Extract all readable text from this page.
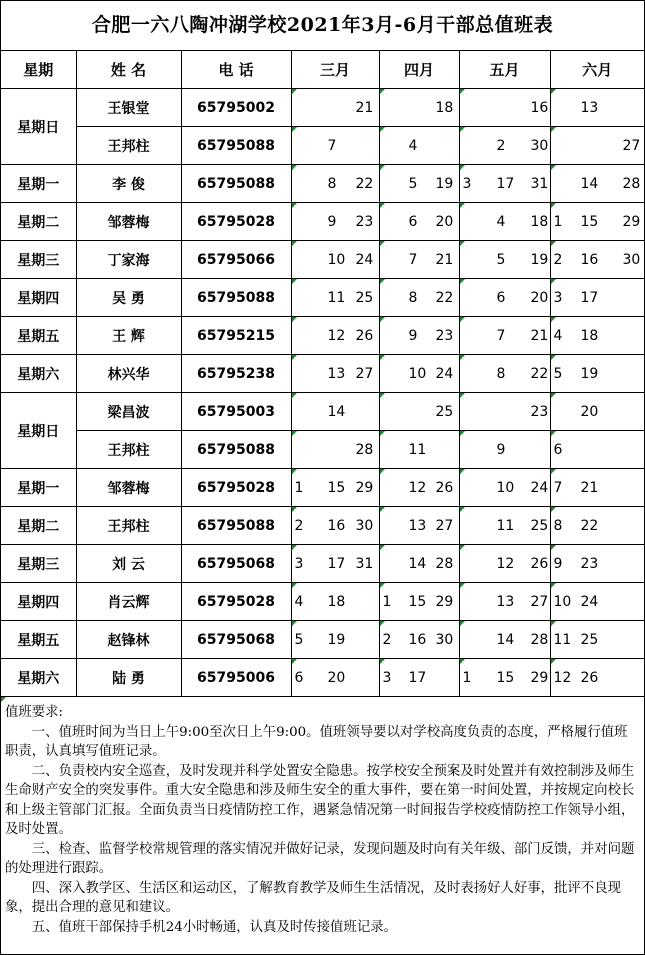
合肥一六八陶冲湖学校2021年3月-6月干部总值班表
星期	姓 名	电 话	三月	四月	五月	六月
星期日	王银堂	65795002	21	18	16	13

	王邦柱	65795088	7	4	2 30	27

星期一	李 俊	65795088	8 22	5 19	3 17 31	14 28

星期二	邹蓉梅	65795028	9 23	6 20	4 18	1 15 29

星期三	丁家海	65795066	10 24	7 21	5 19	2 16 30

星期四	吴 勇	65795088	11 25	8 22	6 20	3 17

星期五	王 辉	65795215	12 26	9 23	7 21	4 18

星期六	林兴华	65795238	13 27	10 24	8 22	5 19

星期日	梁昌波	65795003	14	25	23	20

	王邦柱	65795088	28	11	9	6

星期一	邹蓉梅	65795028	1 15 29	12 26	10 24	7 21

星期二	王邦柱	65795088	2 16 30	13 27	11 25	8 22

星期三	刘 云	65795068	3 17 31	14 28	12 26	9 23

星期四	肖云辉	65795028	4 18	1 15 29	13 27	10 24

星期五	赵锋林	65795068	5 19	2 16 30	14 28	11 25

星期六	陆 勇	65795006	6 20	3 17	1 15 29	12 26

值班要求:

一、值班时间为当日上午9:00至次日上午9:00。值班领导要以对学校高度负责的态度，严格履行值班职责，认真填写值班记录。

二、负责校内安全巡查，及时发现并科学处置安全隐患。按学校安全预案及时处置并有效控制涉及师生生命财产安全的突发事件。重大安全隐患和涉及师生安全的重大事件，要在第一时间处置，并按规定向校长和上级主管部门汇报。全面负责当日疫情防控工作，遇紧急情况第一时间报告学校疫情防控工作领导小组，及时处置。

三、检查、监督学校常规管理的落实情况并做好记录，发现问题及时向有关年级、部门反馈，并对问题的处理进行跟踪。

四、深入教学区、生活区和运动区，了解教育教学及师生生活情况，及时表扬好人好事，批评不良现象，提出合理的意见和建议。

五、值班干部保持手机24小时畅通，认真及时传接值班记录。
